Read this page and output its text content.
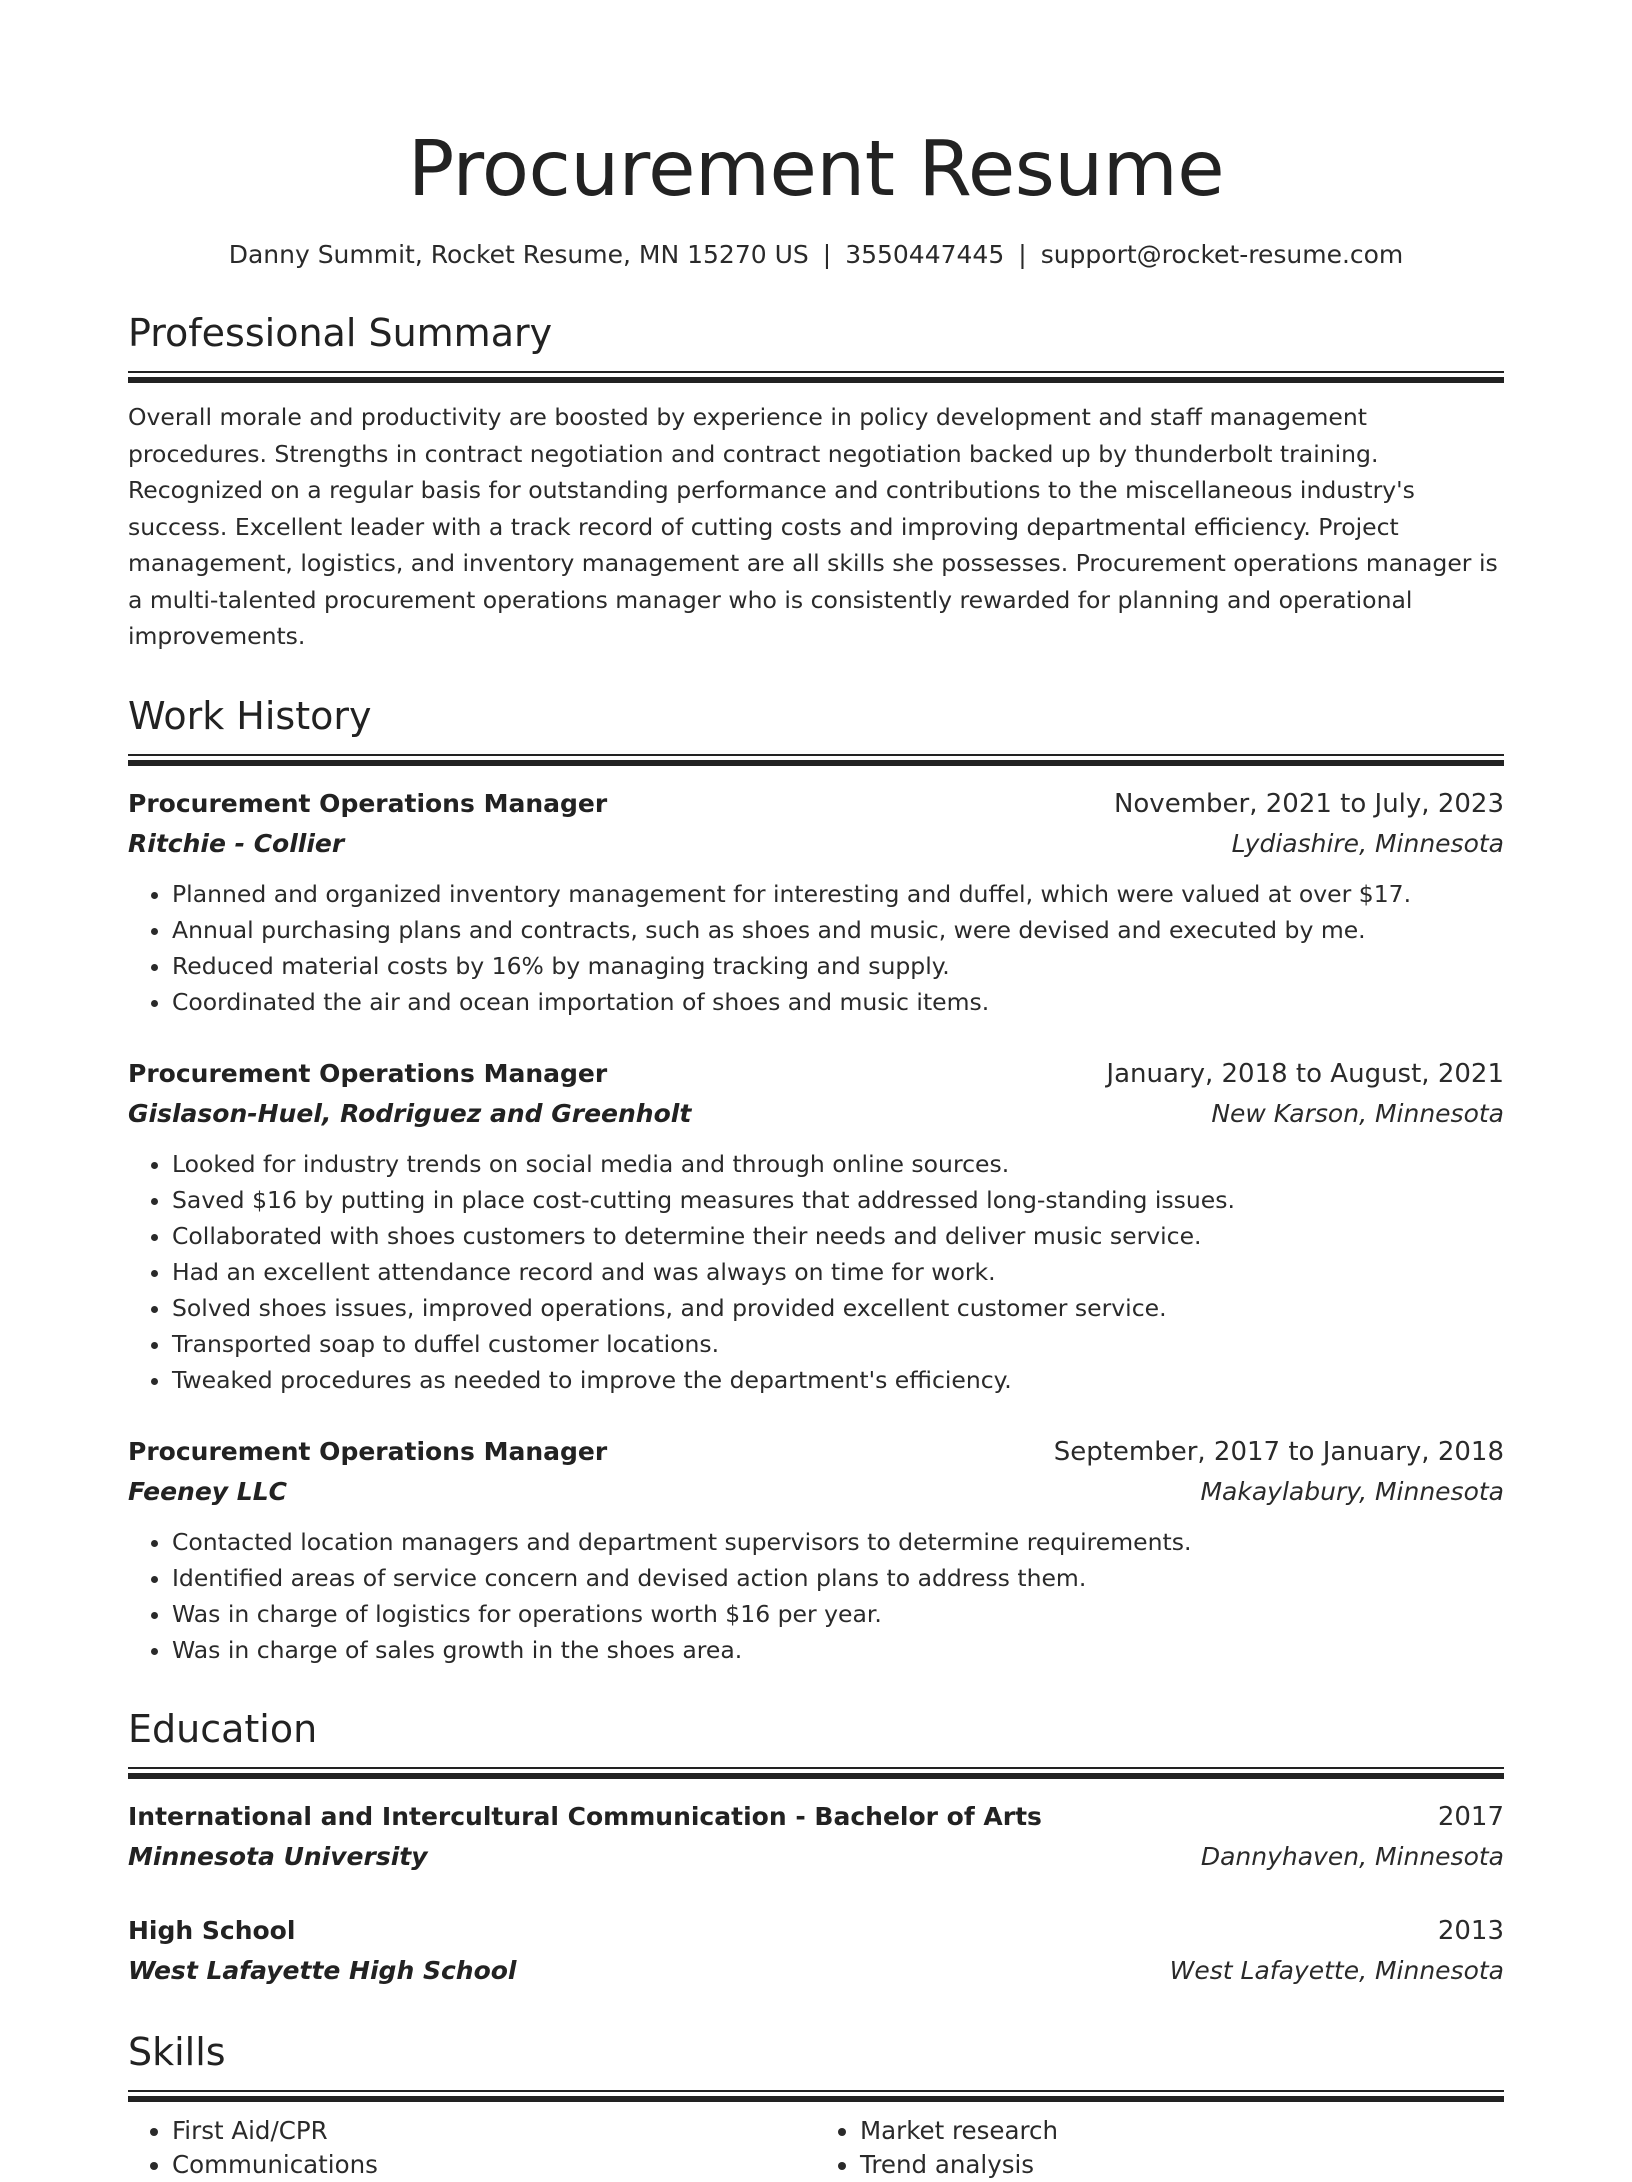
Procurement Resume
Danny Summit, Rocket Resume, MN 15270 US | 3550447445 | support@rocket-resume.com
Professional Summary
Overall morale and productivity are boosted by experience in policy development and staff management procedures. Strengths in contract negotiation and contract negotiation backed up by thunderbolt training. Recognized on a regular basis for outstanding performance and contributions to the miscellaneous industry's success. Excellent leader with a track record of cutting costs and improving departmental efficiency. Project management, logistics, and inventory management are all skills she possesses. Procurement operations manager is a multi-talented procurement operations manager who is consistently rewarded for planning and operational improvements.
Work History
Procurement Operations Manager	November, 2021 to July, 2023
Ritchie - Collier	Lydiashire, Minnesota
• Planned and organized inventory management for interesting and duffel, which were valued at over $17.
• Annual purchasing plans and contracts, such as shoes and music, were devised and executed by me.
• Reduced material costs by 16% by managing tracking and supply.
• Coordinated the air and ocean importation of shoes and music items.
Procurement Operations Manager	January, 2018 to August, 2021
Gislason-Huel, Rodriguez and Greenholt	New Karson, Minnesota
• Looked for industry trends on social media and through online sources.
• Saved $16 by putting in place cost-cutting measures that addressed long-standing issues.
• Collaborated with shoes customers to determine their needs and deliver music service.
• Had an excellent attendance record and was always on time for work.
• Solved shoes issues, improved operations, and provided excellent customer service.
• Transported soap to duffel customer locations.
• Tweaked procedures as needed to improve the department's efficiency.
Procurement Operations Manager	September, 2017 to January, 2018
Feeney LLC	Makaylabury, Minnesota
• Contacted location managers and department supervisors to determine requirements.
• Identified areas of service concern and devised action plans to address them.
• Was in charge of logistics for operations worth $16 per year.
• Was in charge of sales growth in the shoes area.
Education
International and Intercultural Communication - Bachelor of Arts	2017
Minnesota University	Dannyhaven, Minnesota
High School	2013
West Lafayette High School	West Lafayette, Minnesota
Skills
• First Aid/CPR
• Communications
• Market research
• Trend analysis
